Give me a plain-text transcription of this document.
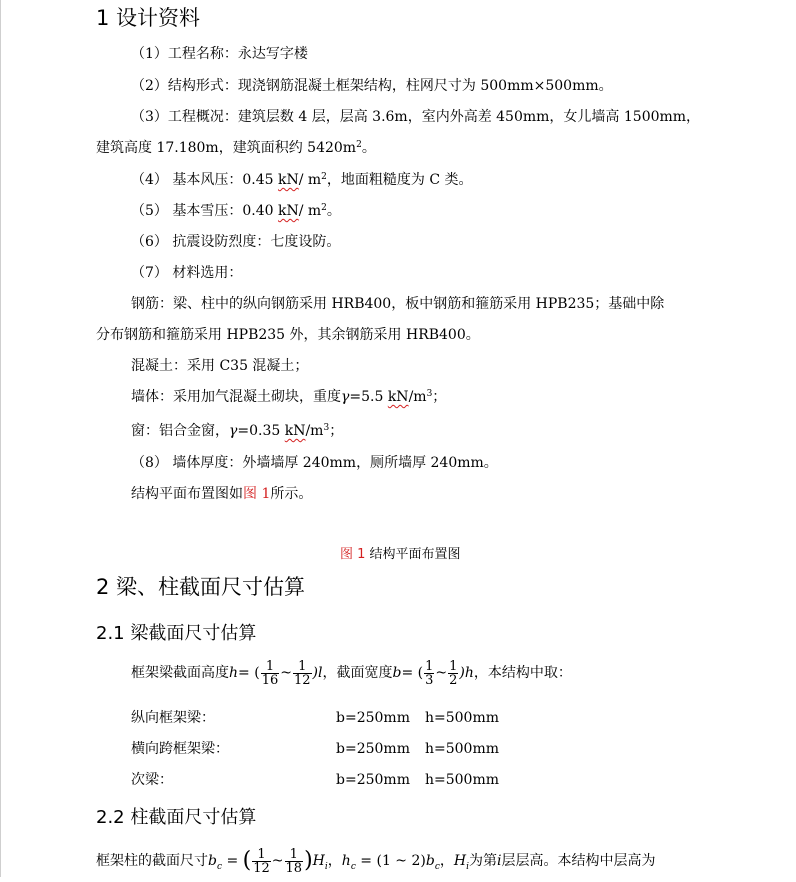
1 设计资料
（1）工程名称：永达写字楼
（2）结构形式：现浇钢筋混凝土框架结构，柱网尺寸为 500mm×500mm。
（3）工程概况：建筑层数 4 层，层高 3.6m，室内外高差 450mm，女儿墙高 1500mm，
建筑高度 17.180m，建筑面积约 $5420m^2$。
（4） 基本风压：0.45 kN/ $m^2$，地面粗糙度为 C 类。
（5） 基本雪压：0.40 kN/ $m^2$。
（6） 抗震设防烈度：七度设防。
（7） 材料选用：
钢筋：梁、柱中的纵向钢筋采用 HRB400，板中钢筋和箍筋采用 HPB235；基础中除
分布钢筋和箍筋采用 HPB235 外，其余钢筋采用 HRB400。
混凝土：采用 C35 混凝土；
墙体：采用加气混凝土砌块，重度γ=5.5 $kN/m^3$；
窗：铝合金窗，γ=0.35 $kN/m^3$；
（8） 墙体厚度：外墙墙厚 240mm，厕所墙厚 240mm。
结构平面布置图如图 1所示。
图 1 结构平面布置图
2 梁、柱截面尺寸估算
2.1 梁截面尺寸估算
框架梁截面高度h= ( $\frac{1}{16}$ ~ $\frac{1}{12} )l$，截面宽度b= ( $\frac{1}{3}$ ~ $\frac{1}{2} )h$，本结构中取：
纵向框架梁：	b=250mm h=500mm
横向跨框架梁：	b=250mm h=500mm
次梁：	b=250mm h=500mm
2.2 柱截面尺寸估算
框架柱的截面尺寸$b_c$ = ( $\frac{1}{12}$ ~ $\frac{1}{18} )H_i$，$h_c = (1$ ~ $2)b_c$，$H_i$为第i层层高。本结构中层高为
